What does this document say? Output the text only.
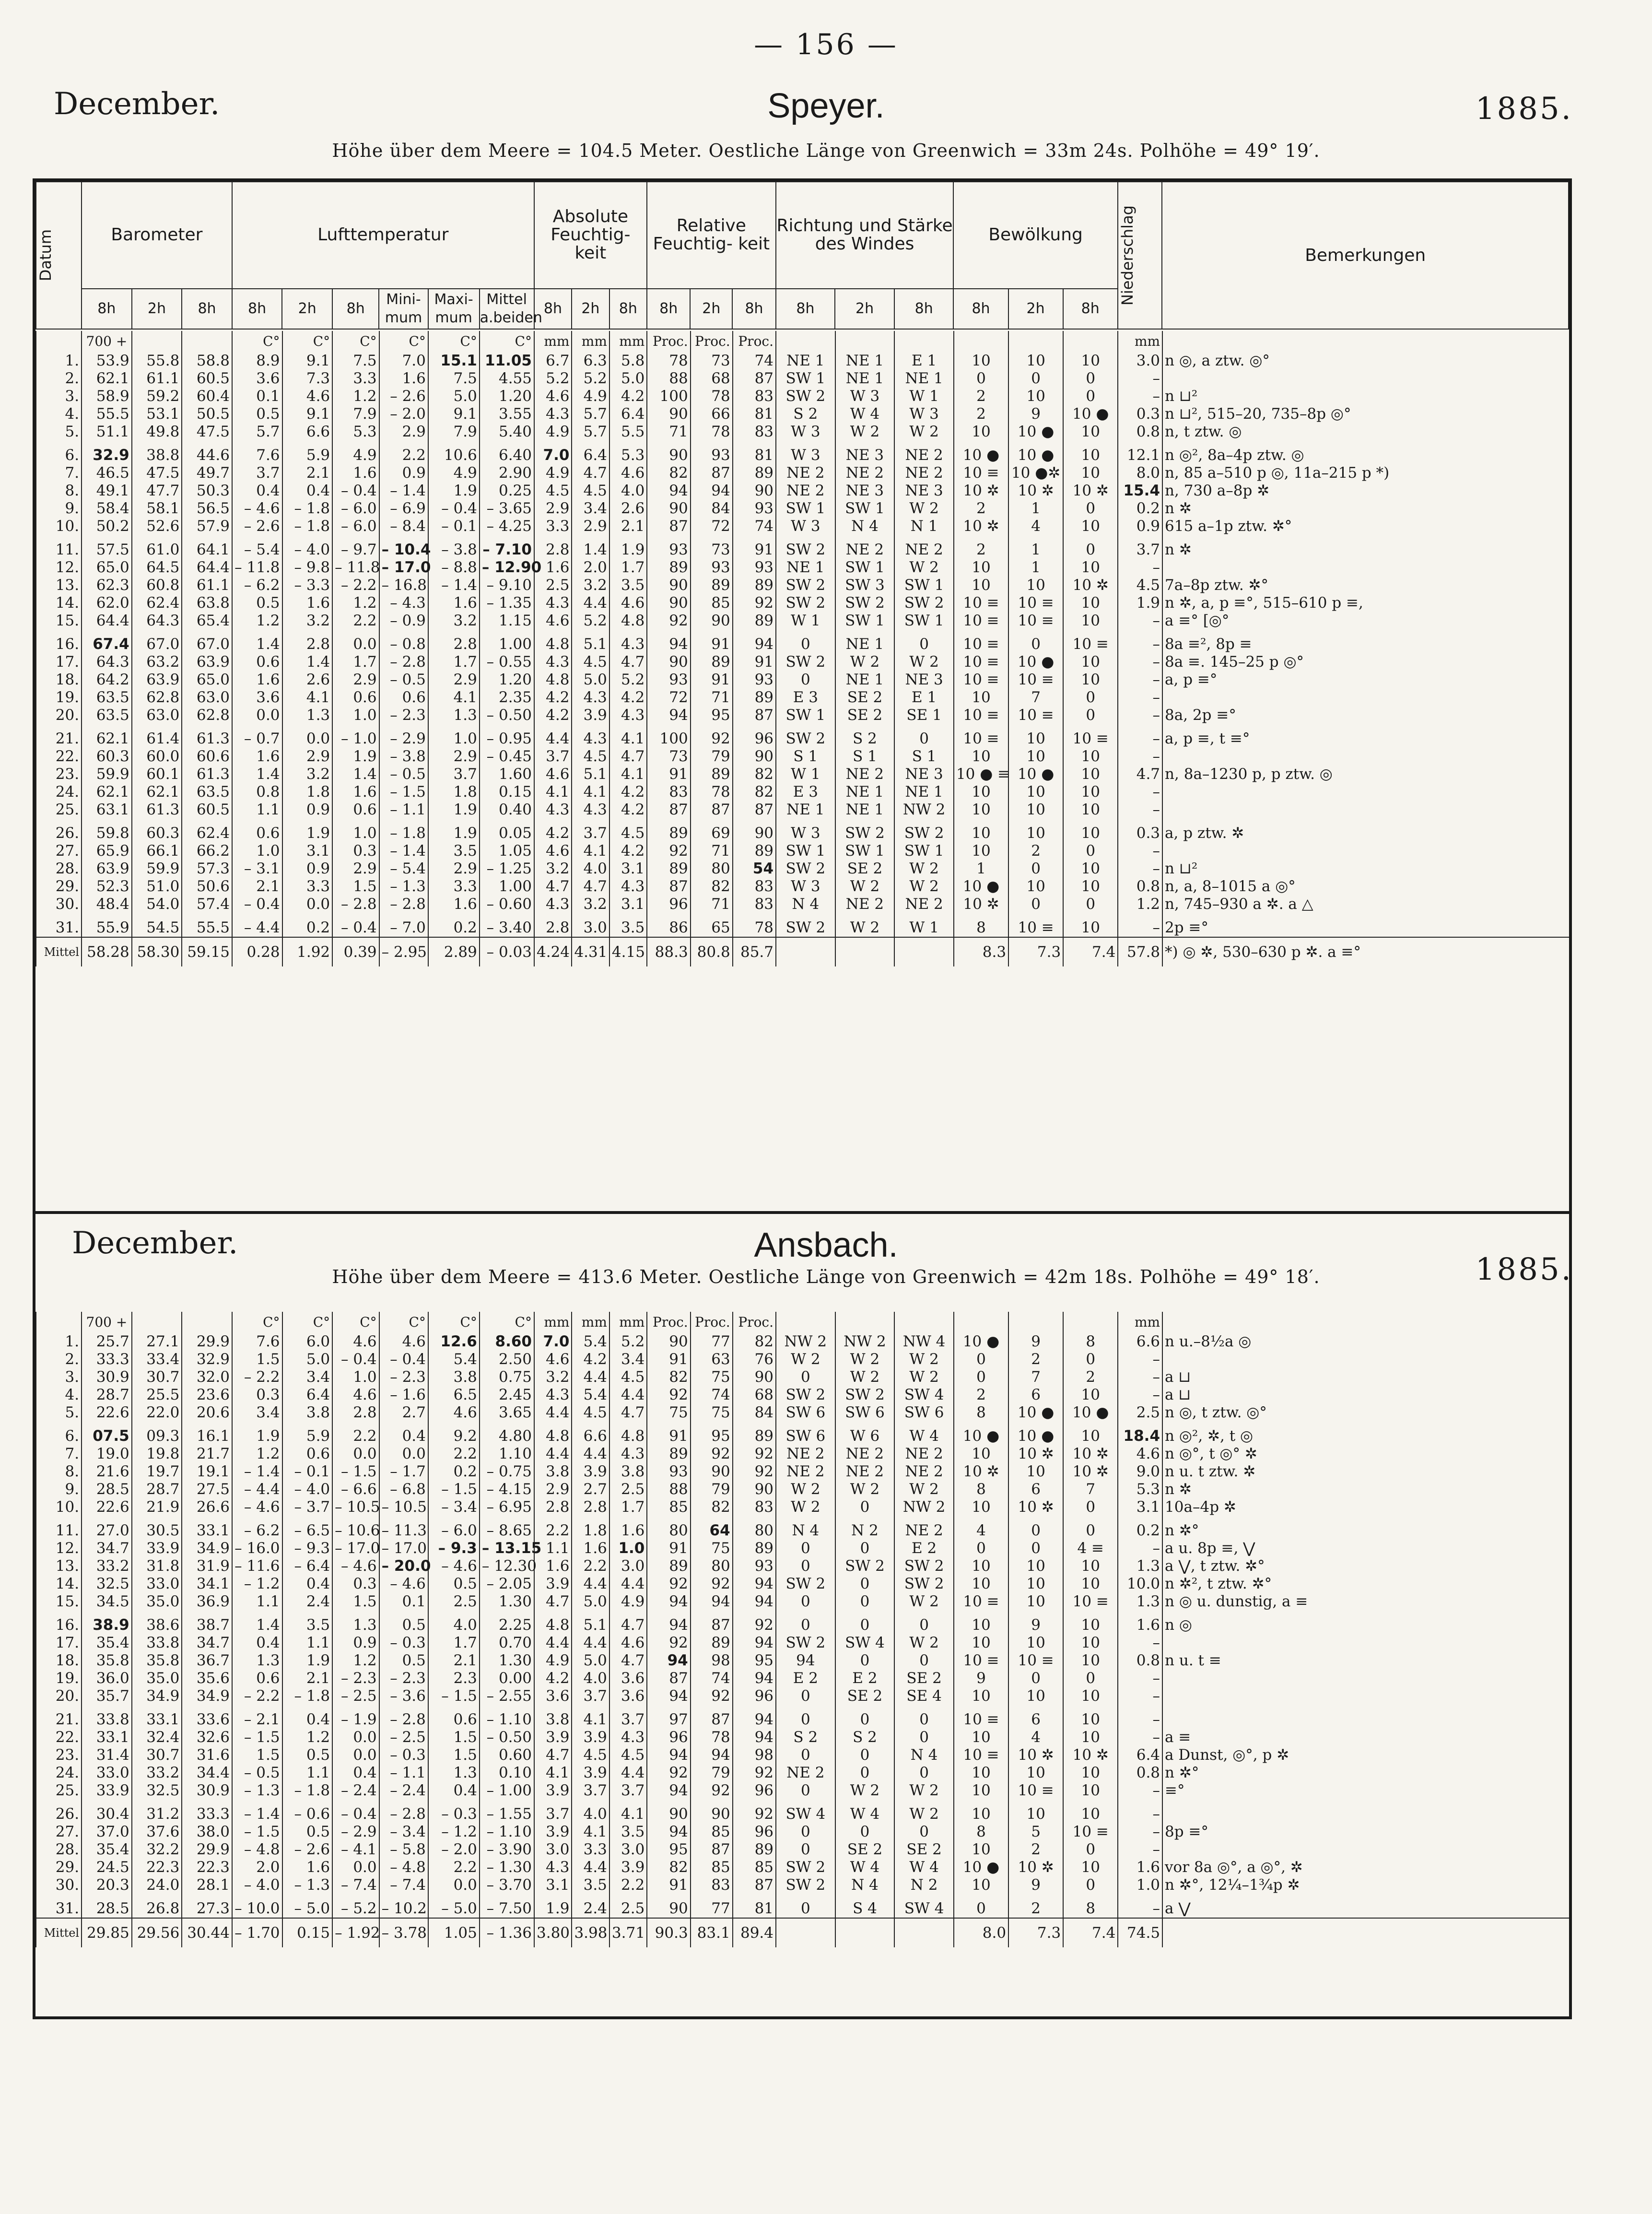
— 156 —
December.	Speyer.	1885.
Höhe über dem Meere = 104.5 Meter. Oestliche Länge von Greenwich = 33m 24s. Polhöhe = 49° 19′.
Datum	Barometer			Lufttemperatur						Absolute Feuchtig- keit			Relative Feuchtig- keit			Richtung und Stärke des Windes			Bewölkung			Niederschlag	Bemerkungen
	8h	2h	8h	8h	2h	8h	Mini- mum	Maxi- mum	Mittel a.beiden	8h	2h	8h	8h	2h	8h	8h	2h	8h	8h	2h	8h		
	700 +			C°	C°	C°	C°	C°	C°	mm	mm	mm	Proc.	Proc.	Proc.							mm	
1.	53.9	55.8	58.8	8.9	9.1	7.5	7.0	15.1	11.05	6.7	6.3	5.8	78	73	74	NE 1	NE 1	E 1	10	10	10	3.0	n ◎, a ztw. ◎°
2.	62.1	61.1	60.5	3.6	7.3	3.3	1.6	7.5	4.55	5.2	5.2	5.0	88	68	87	SW 1	NE 1	NE 1	0	0	0	–	
3.	58.9	59.2	60.4	0.1	4.6	1.2	– 2.6	5.0	1.20	4.6	4.9	4.2	100	78	83	SW 2	W 3	W 1	2	10	0	–	n ⊔²
4.	55.5	53.1	50.5	0.5	9.1	7.9	– 2.0	9.1	3.55	4.3	5.7	6.4	90	66	81	S 2	W 4	W 3	2	9	10 ●	0.3	n ⊔², 515–20, 735–8p ◎°
5.	51.1	49.8	47.5	5.7	6.6	5.3	2.9	7.9	5.40	4.9	5.7	5.5	71	78	83	W 3	W 2	W 2	10	10 ●	10	0.8	n, t ztw. ◎

6.	32.9	38.8	44.6	7.6	5.9	4.9	2.2	10.6	6.40	7.0	6.4	5.3	90	93	81	W 3	NE 3	NE 2	10 ●	10 ●	10	12.1	n ◎², 8a–4p ztw. ◎
7.	46.5	47.5	49.7	3.7	2.1	1.6	0.9	4.9	2.90	4.9	4.7	4.6	82	87	89	NE 2	NE 2	NE 2	10 ≡	10 ●✲	10	8.0	n, 85 a–510 p ◎, 11a–215 p *)
8.	49.1	47.7	50.3	0.4	0.4	– 0.4	– 1.4	1.9	0.25	4.5	4.5	4.0	94	94	90	NE 2	NE 3	NE 3	10 ✲	10 ✲	10 ✲	15.4	n, 730 a–8p ✲
9.	58.4	58.1	56.5	– 4.6	– 1.8	– 6.0	– 6.9	– 0.4	– 3.65	2.9	3.4	2.6	90	84	93	SW 1	SW 1	W 2	2	1	0	0.2	n ✲
10.	50.2	52.6	57.9	– 2.6	– 1.8	– 6.0	– 8.4	– 0.1	– 4.25	3.3	2.9	2.1	87	72	74	W 3	N 4	N 1	10 ✲	4	10	0.9	615 a–1p ztw. ✲°

11.	57.5	61.0	64.1	– 5.4	– 4.0	– 9.7	– 10.4	– 3.8	– 7.10	2.8	1.4	1.9	93	73	91	SW 2	NE 2	NE 2	2	1	0	3.7	n ✲
12.	65.0	64.5	64.4	– 11.8	– 9.8	– 11.8	– 17.0	– 8.8	– 12.90	1.6	2.0	1.7	89	93	93	NE 1	SW 1	W 2	10	1	10	–	
13.	62.3	60.8	61.1	– 6.2	– 3.3	– 2.2	– 16.8	– 1.4	– 9.10	2.5	3.2	3.5	90	89	89	SW 2	SW 3	SW 1	10	10	10 ✲	4.5	7a–8p ztw. ✲°
14.	62.0	62.4	63.8	0.5	1.6	1.2	– 4.3	1.6	– 1.35	4.3	4.4	4.6	90	85	92	SW 2	SW 2	SW 2	10 ≡	10 ≡	10	1.9	n ✲, a, p ≡°, 515–610 p ≡,
15.	64.4	64.3	65.4	1.2	3.2	2.2	– 0.9	3.2	1.15	4.6	5.2	4.8	92	90	89	W 1	SW 1	SW 1	10 ≡	10 ≡	10	–	a ≡° [◎°

16.	67.4	67.0	67.0	1.4	2.8	0.0	– 0.8	2.8	1.00	4.8	5.1	4.3	94	91	94	0	NE 1	0	10 ≡	0	10 ≡	–	8a ≡², 8p ≡
17.	64.3	63.2	63.9	0.6	1.4	1.7	– 2.8	1.7	– 0.55	4.3	4.5	4.7	90	89	91	SW 2	W 2	W 2	10 ≡	10 ●	10	–	8a ≡. 145–25 p ◎°
18.	64.2	63.9	65.0	1.6	2.6	2.9	– 0.5	2.9	1.20	4.8	5.0	5.2	93	91	93	0	NE 1	NE 3	10 ≡	10 ≡	10	–	a, p ≡°
19.	63.5	62.8	63.0	3.6	4.1	0.6	0.6	4.1	2.35	4.2	4.3	4.2	72	71	89	E 3	SE 2	E 1	10	7	0	–	
20.	63.5	63.0	62.8	0.0	1.3	1.0	– 2.3	1.3	– 0.50	4.2	3.9	4.3	94	95	87	SW 1	SE 2	SE 1	10 ≡	10 ≡	0	–	8a, 2p ≡°

21.	62.1	61.4	61.3	– 0.7	0.0	– 1.0	– 2.9	1.0	– 0.95	4.4	4.3	4.1	100	92	96	SW 2	S 2	0	10 ≡	10	10 ≡	–	a, p ≡, t ≡°
22.	60.3	60.0	60.6	1.6	2.9	1.9	– 3.8	2.9	– 0.45	3.7	4.5	4.7	73	79	90	S 1	S 1	S 1	10	10	10	–	
23.	59.9	60.1	61.3	1.4	3.2	1.4	– 0.5	3.7	1.60	4.6	5.1	4.1	91	89	82	W 1	NE 2	NE 3	10 ● ≡	10 ●	10	4.7	n, 8a–1230 p, p ztw. ◎
24.	62.1	62.1	63.5	0.8	1.8	1.6	– 1.5	1.8	0.15	4.1	4.1	4.2	83	78	82	E 3	NE 1	NE 1	10	10	10	–	
25.	63.1	61.3	60.5	1.1	0.9	0.6	– 1.1	1.9	0.40	4.3	4.3	4.2	87	87	87	NE 1	NE 1	NW 2	10	10	10	–	

26.	59.8	60.3	62.4	0.6	1.9	1.0	– 1.8	1.9	0.05	4.2	3.7	4.5	89	69	90	W 3	SW 2	SW 2	10	10	10	0.3	a, p ztw. ✲
27.	65.9	66.1	66.2	1.0	3.1	0.3	– 1.4	3.5	1.05	4.6	4.1	4.2	92	71	89	SW 1	SW 1	SW 1	10	2	0	–	
28.	63.9	59.9	57.3	– 3.1	0.9	2.9	– 5.4	2.9	– 1.25	3.2	4.0	3.1	89	80	54	SW 2	SE 2	W 2	1	0	10	–	n ⊔²
29.	52.3	51.0	50.6	2.1	3.3	1.5	– 1.3	3.3	1.00	4.7	4.7	4.3	87	82	83	W 3	W 2	W 2	10 ●	10	10	0.8	n, a, 8–1015 a ◎°
30.	48.4	54.0	57.4	– 0.4	0.0	– 2.8	– 2.8	1.6	– 0.60	4.3	3.2	3.1	96	71	83	N 4	NE 2	NE 2	10 ✲	0	0	1.2	n, 745–930 a ✲. a △

31.	55.9	54.5	55.5	– 4.4	0.2	– 0.4	– 7.0	0.2	– 3.40	2.8	3.0	3.5	86	65	78	SW 2	W 2	W 1	8	10 ≡	10	–	2p ≡°
Mittel	58.28	58.30	59.15	0.28	1.92	0.39	– 2.95	2.89	– 0.03	4.24	4.31	4.15	88.3	80.8	85.7				8.3	7.3	7.4	57.8	*) ◎ ✲, 530–630 p ✲. a ≡°
December.	Ansbach.
1885.
Höhe über dem Meere = 413.6 Meter. Oestliche Länge von Greenwich = 42m 18s. Polhöhe = 49° 18′.
	700 +			C°	C°	C°	C°	C°	C°	mm	mm	mm	Proc.	Proc.	Proc.							mm	
1.	25.7	27.1	29.9	7.6	6.0	4.6	4.6	12.6	8.60	7.0	5.4	5.2	90	77	82	NW 2	NW 2	NW 4	10 ●	9	8	6.6	n u.–8½a ◎
2.	33.3	33.4	32.9	1.5	5.0	– 0.4	– 0.4	5.4	2.50	4.6	4.2	3.4	91	63	76	W 2	W 2	W 2	0	2	0	–	
3.	30.9	30.7	32.0	– 2.2	3.4	1.0	– 2.3	3.8	0.75	3.2	4.4	4.5	82	75	90	0	W 2	W 2	0	7	2	–	a ⊔
4.	28.7	25.5	23.6	0.3	6.4	4.6	– 1.6	6.5	2.45	4.3	5.4	4.4	92	74	68	SW 2	SW 2	SW 4	2	6	10	–	a ⊔
5.	22.6	22.0	20.6	3.4	3.8	2.8	2.7	4.6	3.65	4.4	4.5	4.7	75	75	84	SW 6	SW 6	SW 6	8	10 ●	10 ●	2.5	n ◎, t ztw. ◎°

6.	07.5	09.3	16.1	1.9	5.9	2.2	0.4	9.2	4.80	4.8	6.6	4.8	91	95	89	SW 6	W 6	W 4	10 ●	10 ●	10	18.4	n ◎², ✲, t ◎
7.	19.0	19.8	21.7	1.2	0.6	0.0	0.0	2.2	1.10	4.4	4.4	4.3	89	92	92	NE 2	NE 2	NE 2	10	10 ✲	10 ✲	4.6	n ◎°, t ◎° ✲
8.	21.6	19.7	19.1	– 1.4	– 0.1	– 1.5	– 1.7	0.2	– 0.75	3.8	3.9	3.8	93	90	92	NE 2	NE 2	NE 2	10 ✲	10	10 ✲	9.0	n u. t ztw. ✲
9.	28.5	28.7	27.5	– 4.4	– 4.0	– 6.6	– 6.8	– 1.5	– 4.15	2.9	2.7	2.5	88	79	90	W 2	W 2	W 2	8	6	7	5.3	n ✲
10.	22.6	21.9	26.6	– 4.6	– 3.7	– 10.5	– 10.5	– 3.4	– 6.95	2.8	2.8	1.7	85	82	83	W 2	0	NW 2	10	10 ✲	0	3.1	10a–4p ✲

11.	27.0	30.5	33.1	– 6.2	– 6.5	– 10.6	– 11.3	– 6.0	– 8.65	2.2	1.8	1.6	80	64	80	N 4	N 2	NE 2	4	0	0	0.2	n ✲°
12.	34.7	33.9	34.9	– 16.0	– 9.3	– 17.0	– 17.0	– 9.3	– 13.15	1.1	1.6	1.0	91	75	89	0	0	E 2	0	0	4 ≡	–	a u. 8p ≡, ⋁
13.	33.2	31.8	31.9	– 11.6	– 6.4	– 4.6	– 20.0	– 4.6	– 12.30	1.6	2.2	3.0	89	80	93	0	SW 2	SW 2	10	10	10	1.3	a ⋁, t ztw. ✲°
14.	32.5	33.0	34.1	– 1.2	0.4	0.3	– 4.6	0.5	– 2.05	3.9	4.4	4.4	92	92	94	SW 2	0	SW 2	10	10	10	10.0	n ✲², t ztw. ✲°
15.	34.5	35.0	36.9	1.1	2.4	1.5	0.1	2.5	1.30	4.7	5.0	4.9	94	94	94	0	0	W 2	10 ≡	10	10 ≡	1.3	n ◎ u. dunstig, a ≡

16.	38.9	38.6	38.7	1.4	3.5	1.3	0.5	4.0	2.25	4.8	5.1	4.7	94	87	92	0	0	0	10	9	10	1.6	n ◎
17.	35.4	33.8	34.7	0.4	1.1	0.9	– 0.3	1.7	0.70	4.4	4.4	4.6	92	89	94	SW 2	SW 4	W 2	10	10	10	–	
18.	35.8	35.8	36.7	1.3	1.9	1.2	0.5	2.1	1.30	4.9	5.0	4.7	94	98	95	94	0	0	10 ≡	10 ≡	10	0.8	n u. t ≡
19.	36.0	35.0	35.6	0.6	2.1	– 2.3	– 2.3	2.3	0.00	4.2	4.0	3.6	87	74	94	E 2	E 2	SE 2	9	0	0	–	
20.	35.7	34.9	34.9	– 2.2	– 1.8	– 2.5	– 3.6	– 1.5	– 2.55	3.6	3.7	3.6	94	92	96	0	SE 2	SE 4	10	10	10	–	

21.	33.8	33.1	33.6	– 2.1	0.4	– 1.9	– 2.8	0.6	– 1.10	3.8	4.1	3.7	97	87	94	0	0	0	10 ≡	6	10	–	
22.	33.1	32.4	32.6	– 1.5	1.2	0.0	– 2.5	1.5	– 0.50	3.9	3.9	4.3	96	78	94	S 2	S 2	0	10	4	10	–	a ≡
23.	31.4	30.7	31.6	1.5	0.5	0.0	– 0.3	1.5	0.60	4.7	4.5	4.5	94	94	98	0	0	N 4	10 ≡	10 ✲	10 ✲	6.4	a Dunst, ◎°, p ✲
24.	33.0	33.2	34.4	– 0.5	1.1	0.4	– 1.1	1.3	0.10	4.1	3.9	4.4	92	79	92	NE 2	0	0	10	10	10	0.8	n ✲°
25.	33.9	32.5	30.9	– 1.3	– 1.8	– 2.4	– 2.4	0.4	– 1.00	3.9	3.7	3.7	94	92	96	0	W 2	W 2	10	10 ≡	10	–	≡°

26.	30.4	31.2	33.3	– 1.4	– 0.6	– 0.4	– 2.8	– 0.3	– 1.55	3.7	4.0	4.1	90	90	92	SW 4	W 4	W 2	10	10	10	–	
27.	37.0	37.6	38.0	– 1.5	0.5	– 2.9	– 3.4	– 1.2	– 1.10	3.9	4.1	3.5	94	85	96	0	0	0	8	5	10 ≡	–	8p ≡°
28.	35.4	32.2	29.9	– 4.8	– 2.6	– 4.1	– 5.8	– 2.0	– 3.90	3.0	3.3	3.0	95	87	89	0	SE 2	SE 2	10	2	0	–	
29.	24.5	22.3	22.3	2.0	1.6	0.0	– 4.8	2.2	– 1.30	4.3	4.4	3.9	82	85	85	SW 2	W 4	W 4	10 ●	10 ✲	10	1.6	vor 8a ◎°, a ◎°, ✲
30.	20.3	24.0	28.1	– 4.0	– 1.3	– 7.4	– 7.4	0.0	– 3.70	3.1	3.5	2.2	91	83	87	SW 2	N 4	N 2	10	9	0	1.0	n ✲°, 12¼–1¾p ✲

31.	28.5	26.8	27.3	– 10.0	– 5.0	– 5.2	– 10.2	– 5.0	– 7.50	1.9	2.4	2.5	90	77	81	0	S 4	SW 4	0	2	8	–	a ⋁
Mittel	29.85	29.56	30.44	– 1.70	0.15	– 1.92	– 3.78	1.05	– 1.36	3.80	3.98	3.71	90.3	83.1	89.4				8.0	7.3	7.4	74.5	
